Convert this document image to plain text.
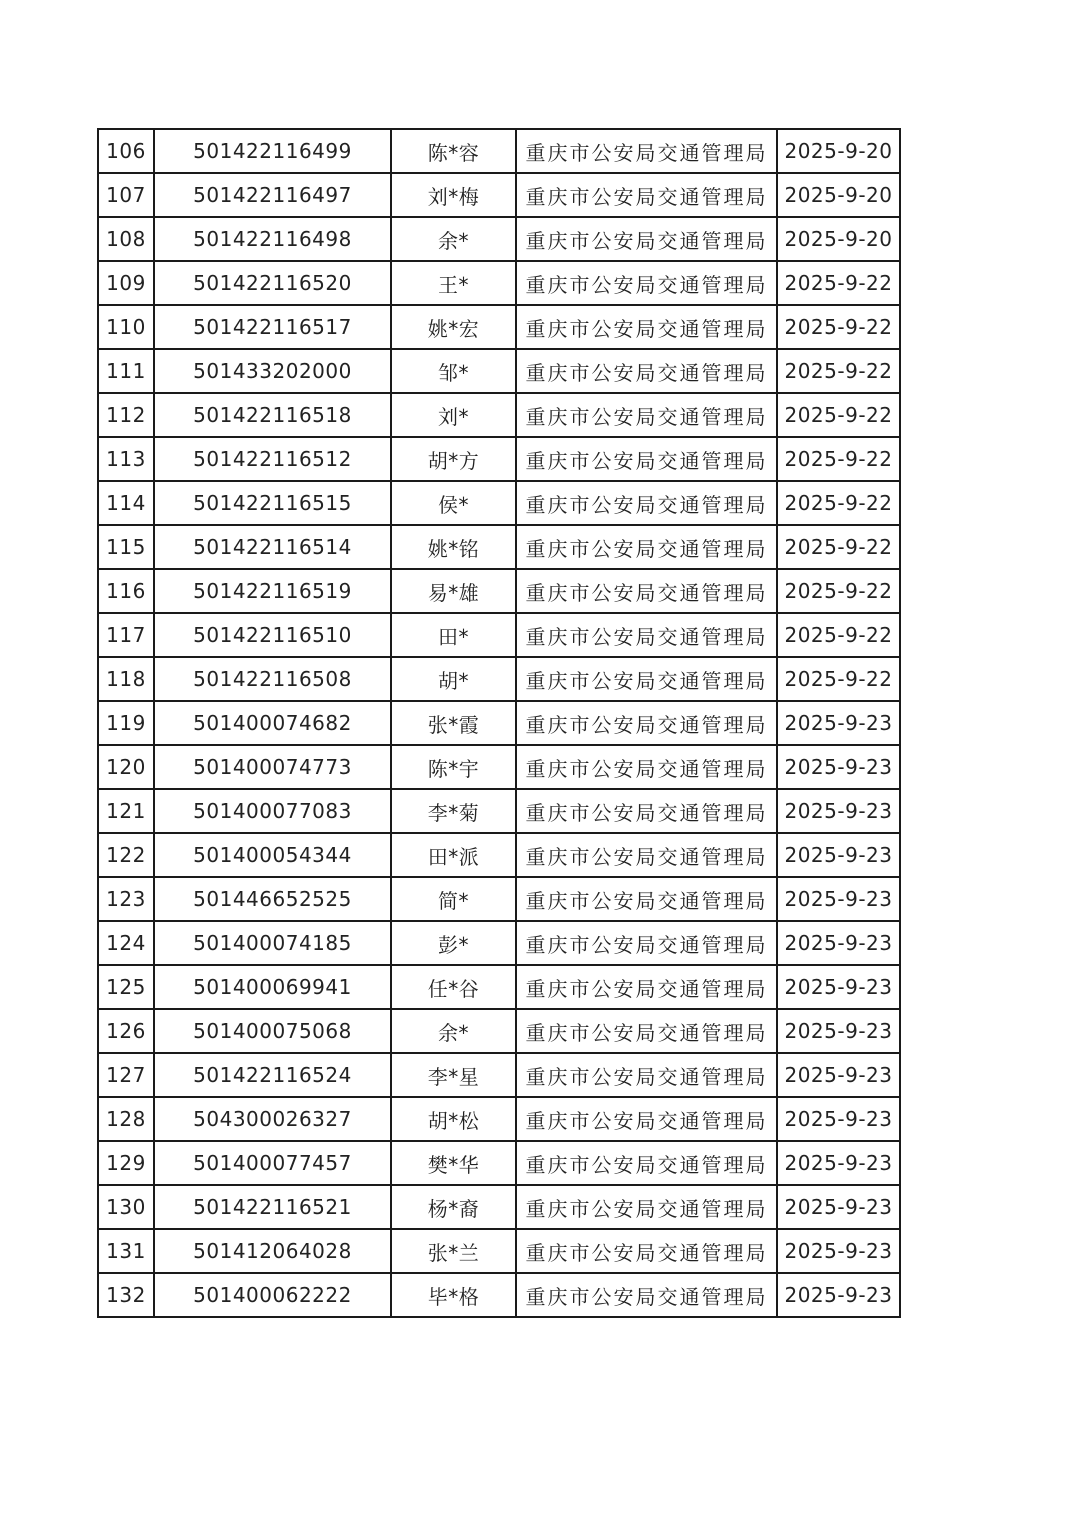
106	501422116499	陈*容	重庆市公安局交通管理局	2025-9-20
107	501422116497	刘*梅	重庆市公安局交通管理局	2025-9-20
108	501422116498	余*	重庆市公安局交通管理局	2025-9-20
109	501422116520	王*	重庆市公安局交通管理局	2025-9-22
110	501422116517	姚*宏	重庆市公安局交通管理局	2025-9-22
111	501433202000	邹*	重庆市公安局交通管理局	2025-9-22
112	501422116518	刘*	重庆市公安局交通管理局	2025-9-22
113	501422116512	胡*方	重庆市公安局交通管理局	2025-9-22
114	501422116515	侯*	重庆市公安局交通管理局	2025-9-22
115	501422116514	姚*铭	重庆市公安局交通管理局	2025-9-22
116	501422116519	易*雄	重庆市公安局交通管理局	2025-9-22
117	501422116510	田*	重庆市公安局交通管理局	2025-9-22
118	501422116508	胡*	重庆市公安局交通管理局	2025-9-22
119	501400074682	张*霞	重庆市公安局交通管理局	2025-9-23
120	501400074773	陈*宇	重庆市公安局交通管理局	2025-9-23
121	501400077083	李*菊	重庆市公安局交通管理局	2025-9-23
122	501400054344	田*派	重庆市公安局交通管理局	2025-9-23
123	501446652525	简*	重庆市公安局交通管理局	2025-9-23
124	501400074185	彭*	重庆市公安局交通管理局	2025-9-23
125	501400069941	任*谷	重庆市公安局交通管理局	2025-9-23
126	501400075068	余*	重庆市公安局交通管理局	2025-9-23
127	501422116524	李*星	重庆市公安局交通管理局	2025-9-23
128	504300026327	胡*松	重庆市公安局交通管理局	2025-9-23
129	501400077457	樊*华	重庆市公安局交通管理局	2025-9-23
130	501422116521	杨*裔	重庆市公安局交通管理局	2025-9-23
131	501412064028	张*兰	重庆市公安局交通管理局	2025-9-23
132	501400062222	毕*格	重庆市公安局交通管理局	2025-9-23
